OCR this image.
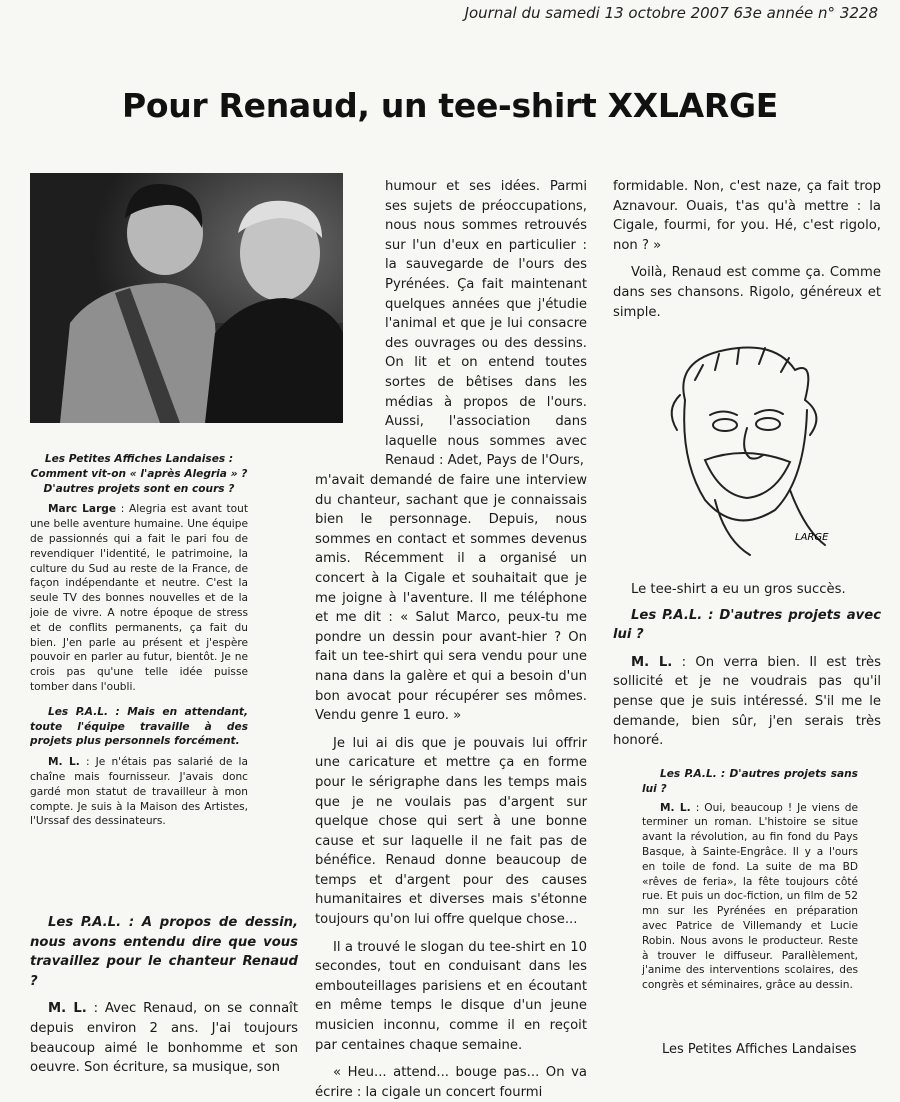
Journal du samedi 13 octobre 2007 63e année n° 3228
Pour Renaud, un tee-shirt XXLARGE

Les Petites Affiches Landaises : Comment vit-on « l'après Alegria » ? D'autres projets sont en cours ?

Marc Large : Alegria est avant tout une belle aventure humaine. Une équipe de passionnés qui a fait le pari fou de revendiquer l'identité, le patrimoine, la culture du Sud au reste de la France, de façon indépendante et neutre. C'est la seule TV des bonnes nouvelles et de la joie de vivre. A notre époque de stress et de conflits permanents, ça fait du bien. J'en parle au présent et j'espère pouvoir en parler au futur, bientôt. Je ne crois pas qu'une telle idée puisse tomber dans l'oubli.

Les P.A.L. : Mais en attendant, toute l'équipe travaille à des projets plus personnels forcément.

M. L. : Je n'étais pas salarié de la chaîne mais fournisseur. J'avais donc gardé mon statut de travailleur à mon compte. Je suis à la Maison des Artistes, l'Urssaf des dessinateurs.

Les P.A.L. : A propos de dessin, nous avons entendu dire que vous travaillez pour le chanteur Renaud ?

M. L. : Avec Renaud, on se connaît depuis environ 2 ans. J'ai toujours beaucoup aimé le bonhomme et son oeuvre. Son écriture, sa musique, son

humour et ses idées. Parmi ses sujets de préoccupations, nous nous sommes retrouvés sur l'un d'eux en particulier : la sauvegarde de l'ours des Pyrénées. Ça fait maintenant quelques années que j'étudie l'animal et que je lui consacre des ouvrages ou des dessins. On lit et on entend toutes sortes de bêtises dans les médias à propos de l'ours. Aussi, l'association dans laquelle nous sommes avec Renaud : Adet, Pays de l'Ours,

m'avait demandé de faire une interview du chanteur, sachant que je connaissais bien le personnage. Depuis, nous sommes en contact et sommes devenus amis. Récemment il a organisé un concert à la Cigale et souhaitait que je me joigne à l'aventure. Il me téléphone et me dit : « Salut Marco, peux-tu me pondre un dessin pour avant-hier ? On fait un tee-shirt qui sera vendu pour une nana dans la galère et qui a besoin d'un bon avocat pour récupérer ses mômes. Vendu genre 1 euro. »

Je lui ai dis que je pouvais lui offrir une caricature et mettre ça en forme pour le sérigraphe dans les temps mais que je ne voulais pas d'argent sur quelque chose qui sert à une bonne cause et sur laquelle il ne fait pas de bénéfice. Renaud donne beaucoup de temps et d'argent pour des causes humanitaires et diverses mais s'étonne toujours qu'on lui offre quelque chose...

Il a trouvé le slogan du tee-shirt en 10 secondes, tout en conduisant dans les embouteillages parisiens et en écoutant en même temps le disque d'un jeune musicien inconnu, comme il en reçoit par centaines chaque semaine.

« Heu... attend... bouge pas... On va écrire : la cigale un concert fourmi

formidable. Non, c'est naze, ça fait trop Aznavour. Ouais, t'as qu'à mettre : la Cigale, fourmi, for you. Hé, c'est rigolo, non ? »

Voilà, Renaud est comme ça. Comme dans ses chansons. Rigolo, généreux et simple.

LARGE

Le tee-shirt a eu un gros succès.

Les P.A.L. : D'autres projets avec lui ?

M. L. : On verra bien. Il est très sollicité et je ne voudrais pas qu'il pense que je suis intéressé. S'il me le demande, bien sûr, j'en serais très honoré.

Les P.A.L. : D'autres projets sans lui ?

M. L. : Oui, beaucoup ! Je viens de terminer un roman. L'histoire se situe avant la révolution, au fin fond du Pays Basque, à Sainte-Engrâce. Il y a l'ours en toile de fond. La suite de ma BD «rêves de feria», la fête toujours côté rue. Et puis un doc-fiction, un film de 52 mn sur les Pyrénées en préparation avec Patrice de Villemandy et Lucie Robin. Nous avons le producteur. Reste à trouver le diffuseur. Parallèlement, j'anime des interventions scolaires, des congrès et séminaires, grâce au dessin.

Les Petites Affiches Landaises
